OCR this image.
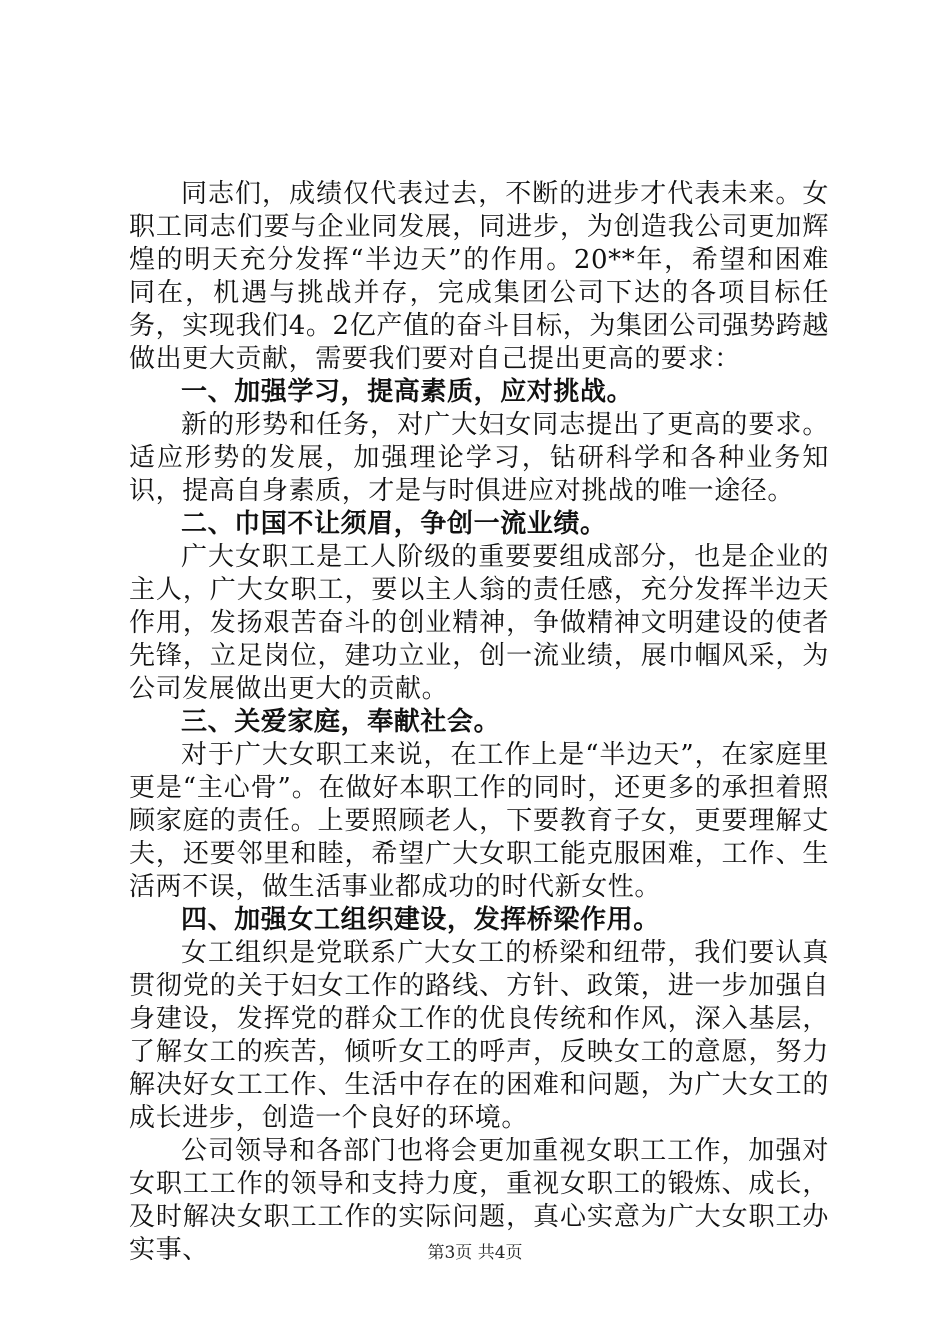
同志们，成绩仅代表过去，不断的进步才代表未来。女职工同志们要与企业同发展，同进步，为创造我公司更加辉煌的明天充分发挥“半边天”的作用。20**年，希望和困难同在，机遇与挑战并存，完成集团公司下达的各项目标任务，实现我们4。2亿产值的奋斗目标，为集团公司强势跨越做出更大贡献，需要我们要对自己提出更高的要求：

一、加强学习，提高素质，应对挑战。

新的形势和任务，对广大妇女同志提出了更高的要求。适应形势的发展，加强理论学习，钻研科学和各种业务知识，提高自身素质，才是与时俱进应对挑战的唯一途径。

二、巾国不让须眉，争创一流业绩。

广大女职工是工人阶级的重要要组成部分，也是企业的主人，广大女职工，要以主人翁的责任感，充分发挥半边天作用，发扬艰苦奋斗的创业精神，争做精神文明建设的使者先锋，立足岗位，建功立业，创一流业绩，展巾帼风采，为公司发展做出更大的贡献。

三、关爱家庭，奉献社会。

对于广大女职工来说，在工作上是“半边天”，在家庭里更是“主心骨”。在做好本职工作的同时，还更多的承担着照顾家庭的责任。上要照顾老人，下要教育子女，更要理解丈夫，还要邻里和睦，希望广大女职工能克服困难，工作、生活两不误，做生活事业都成功的时代新女性。

四、加强女工组织建设，发挥桥梁作用。

女工组织是党联系广大女工的桥梁和纽带，我们要认真贯彻党的关于妇女工作的路线、方针、政策，进一步加强自身建设，发挥党的群众工作的优良传统和作风，深入基层，了解女工的疾苦，倾听女工的呼声，反映女工的意愿，努力解决好女工工作、生活中存在的困难和问题，为广大女工的成长进步，创造一个良好的环境。

公司领导和各部门也将会更加重视女职工工作，加强对女职工工作的领导和支持力度，重视女职工的锻炼、成长，及时解决女职工工作的实际问题，真心实意为广大女职工办实事、	第3页 共4页
